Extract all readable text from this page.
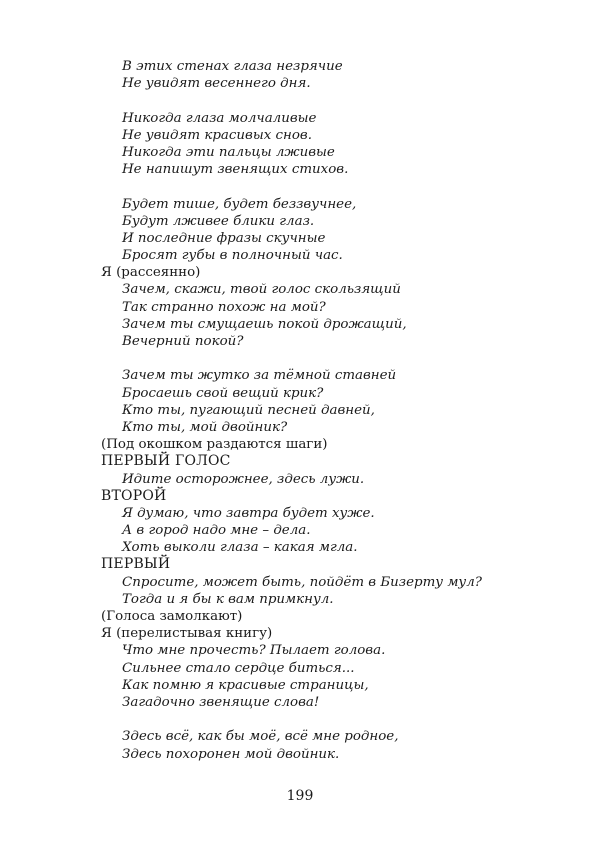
В этих стенах глаза незрячие
Не увидят весеннего дня.
Никогда глаза молчаливые
Не увидят красивых снов.
Никогда эти пальцы лживые
Не напишут звенящих стихов.
Будет тише, будет беззвучнее,
Будут лживее блики глаз.
И последние фразы скучные
Бросят губы в полночный час.
Я (рассеянно)
Зачем, скажи, твой голос скользящий
Так странно похож на мой?
Зачем ты смущаешь покой дрожащий,
Вечерний покой?
Зачем ты жутко за тёмной ставней
Бросаешь свой вещий крик?
Кто ты, пугающий песней давней,
Кто ты, мой двойник?
(Под окошком раздаются шаги)
ПЕРВЫЙ ГОЛОС
Идите осторожнее, здесь лужи.
ВТОРОЙ
Я думаю, что завтра будет хуже.
А в город надо мне – дела.
Хоть выколи глаза – какая мгла.
ПЕРВЫЙ
Спросите, может быть, пойдёт в Бизерту мул?
Тогда и я бы к вам примкнул.
(Голоса замолкают)
Я (перелистывая книгу)
Что мне прочесть? Пылает голова.
Сильнее стало сердце биться...
Как помню я красивые страницы,
Загадочно звенящие слова!
Здесь всё, как бы моё, всё мне родное,
Здесь похоронен мой двойник.
199
